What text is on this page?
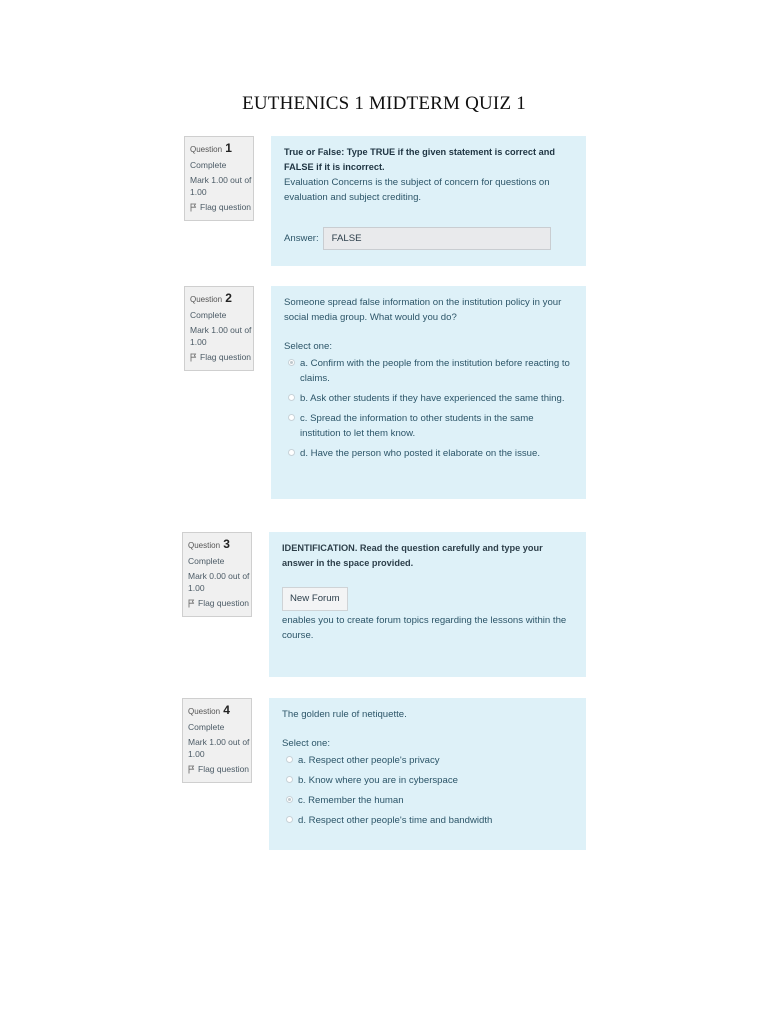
EUTHENICS 1 MIDTERM QUIZ 1
Question 1
Complete
Mark 1.00 out of 1.00
Flag question
True or False: Type TRUE if the given statement is correct and FALSE if it is incorrect.
Evaluation Concerns is the subject of concern for questions on evaluation and subject crediting.
Answer:	FALSE
Question 2
Complete
Mark 1.00 out of 1.00
Flag question
Someone spread false information on the institution policy in your social media group. What would you do?
Select one:
a. Confirm with the people from the institution before reacting to claims.
b. Ask other students if they have experienced the same thing.
c. Spread the information to other students in the same institution to let them know.
d. Have the person who posted it elaborate on the issue.
Question 3
Complete
Mark 0.00 out of 1.00
Flag question
IDENTIFICATION. Read the question carefully and type your answer in the space provided.
New Forum
enables you to create forum topics regarding the lessons within the course.
Question 4
Complete
Mark 1.00 out of 1.00
Flag question
The golden rule of netiquette.
Select one:
a. Respect other people's privacy
b. Know where you are in cyberspace
c. Remember the human
d. Respect other people's time and bandwidth
